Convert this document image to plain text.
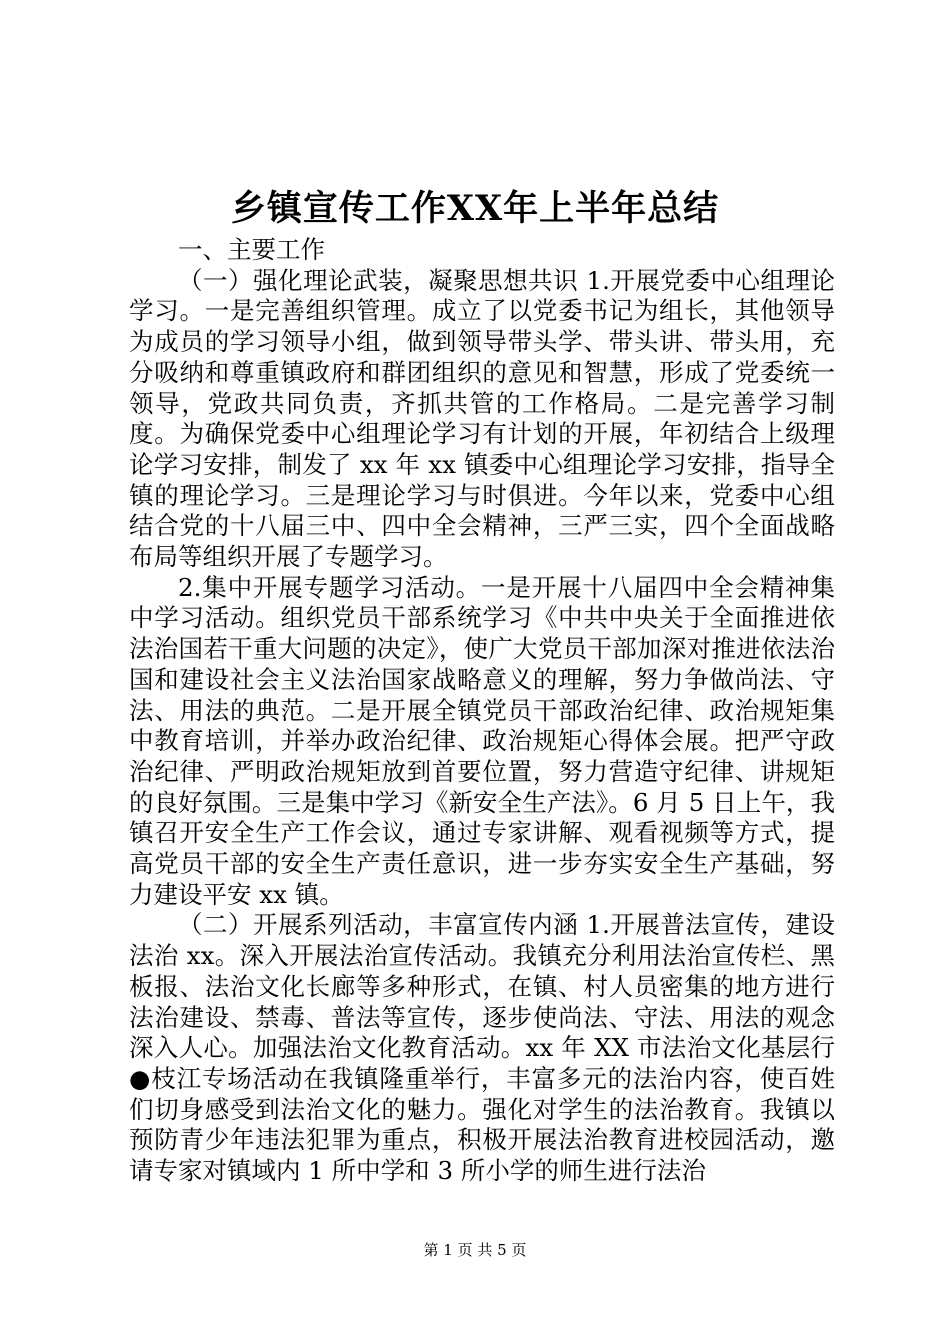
乡镇宣传工作XX年上半年总结

一、主要工作

（一）强化理论武装，凝聚思想共识 1.开展党委中心组理论学习。一是完善组织管理。成立了以党委书记为组长，其他领导为成员的学习领导小组，做到领导带头学、带头讲、带头用，充分吸纳和尊重镇政府和群团组织的意见和智慧，形成了党委统一领导，党政共同负责，齐抓共管的工作格局。二是完善学习制度。为确保党委中心组理论学习有计划的开展，年初结合上级理论学习安排，制发了 xx 年 xx 镇委中心组理论学习安排，指导全镇的理论学习。三是理论学习与时俱进。今年以来，党委中心组结合党的十八届三中、四中全会精神，三严三实，四个全面战略布局等组织开展了专题学习。

2.集中开展专题学习活动。一是开展十八届四中全会精神集中学习活动。组织党员干部系统学习《中共中央关于全面推进依法治国若干重大问题的决定》，使广大党员干部加深对推进依法治国和建设社会主义法治国家战略意义的理解，努力争做尚法、守法、用法的典范。二是开展全镇党员干部政治纪律、政治规矩集中教育培训，并举办政治纪律、政治规矩心得体会展。把严守政治纪律、严明政治规矩放到首要位置，努力营造守纪律、讲规矩的良好氛围。三是集中学习《新安全生产法》。6 月 5 日上午，我镇召开安全生产工作会议，通过专家讲解、观看视频等方式，提高党员干部的安全生产责任意识，进一步夯实安全生产基础，努力建设平安 xx 镇。

（二）开展系列活动，丰富宣传内涵 1.开展普法宣传，建设法治 xx。深入开展法治宣传活动。我镇充分利用法治宣传栏、黑板报、法治文化长廊等多种形式，在镇、村人员密集的地方进行法治建设、禁毒、普法等宣传，逐步使尚法、守法、用法的观念深入人心。加强法治文化教育活动。xx 年 XX 市法治文化基层行●枝江专场活动在我镇隆重举行，丰富多元的法治内容，使百姓们切身感受到法治文化的魅力。强化对学生的法治教育。我镇以预防青少年违法犯罪为重点，积极开展法治教育进校园活动，邀请专家对镇域内 1 所中学和 3 所小学的师生进行法治

第 1 页 共 5 页
